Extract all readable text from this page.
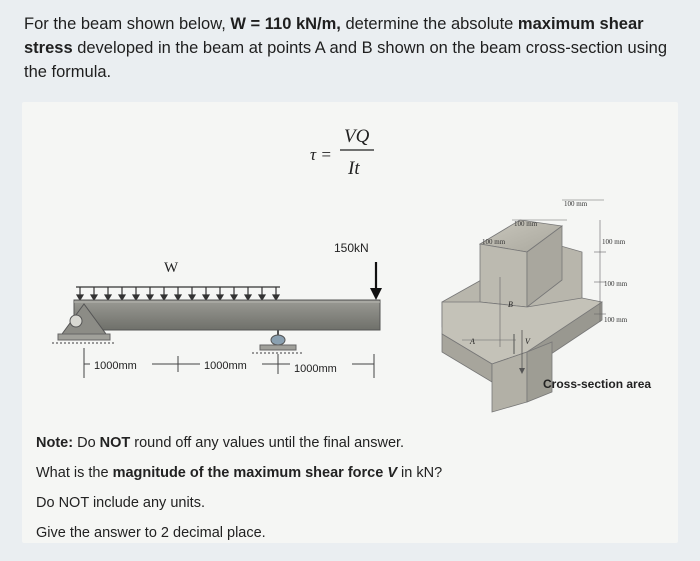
For the beam shown below, W = 110 kN/m, determine the absolute maximum shear stress developed in the beam at points A and B shown on the beam cross-section using the formula.
τ =
VQ
It
150kN
W
1000mm	1000mm	1000mm
100 mm
100 mm
100 mm	100 mm
100 mm
100 mm
A
B
V
Cross-section area
Note: Do NOT round off any values until the final answer.
What is the magnitude of the maximum shear force V in kN?
Do NOT include any units.
Give the answer to 2 decimal place.
